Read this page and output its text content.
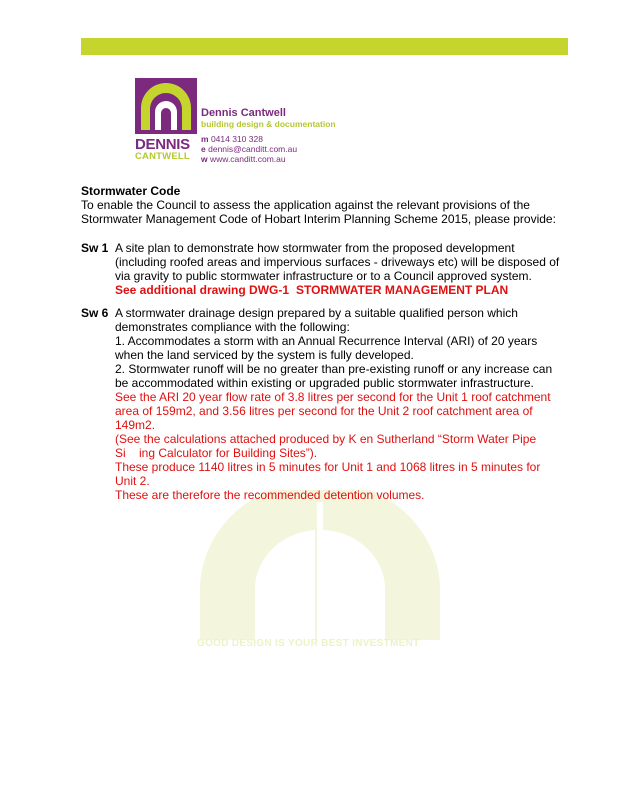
DENNIS
CANTWELL
Dennis Cantwell
building design & documentation
m 0414 310 328
e dennis@canditt.com.au
w www.canditt.com.au
GOOD DESIGN IS YOUR BEST INVESTMENT
Stormwater Code
To enable the Council to assess the application against the relevant provisions of the
Stormwater Management Code of Hobart Interim Planning Scheme 2015, please provide:
Sw 1 A site plan to demonstrate how stormwater from the proposed development
(including roofed areas and impervious surfaces - driveways etc) will be disposed of
via gravity to public stormwater infrastructure or to a Council approved system.
See additional drawing DWG-1 STORMWATER MANAGEMENT PLAN
Sw 6 A stormwater drainage design prepared by a suitable qualified person which
demonstrates compliance with the following:
1. Accommodates a storm with an Annual Recurrence Interval (ARI) of 20 years
when the land serviced by the system is fully developed.
2. Stormwater runoff will be no greater than pre-existing runoff or any increase can
be accommodated within existing or upgraded public stormwater infrastructure.
See the ARI 20 year flow rate of 3.8 litres per second for the Unit 1 roof catchment
area of 159m2, and 3.56 litres per second for the Unit 2 roof catchment area of
149m2.
(See the calculations attached produced by K en Sutherland “Storm Water Pipe
Si    ing Calculator for Building Sites”).
These produce 1140 litres in 5 minutes for Unit 1 and 1068 litres in 5 minutes for
Unit 2.
These are therefore the recommended detention volumes.
